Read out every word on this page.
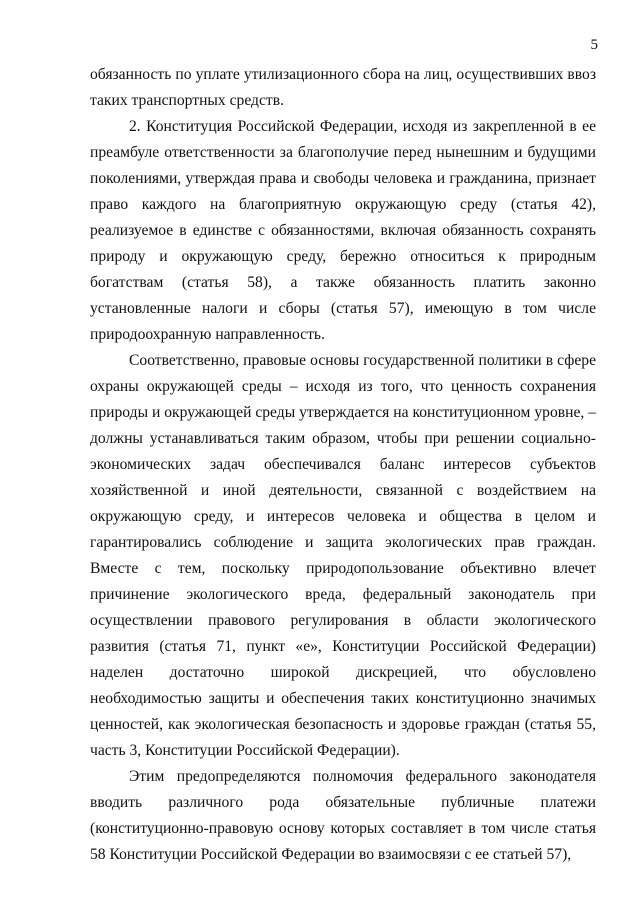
5

обязанность по уплате утилизационного сбора на лиц, осуществивших ввоз таких транспортных средств.

2. Конституция Российской Федерации, исходя из закрепленной в ее преамбуле ответственности за благополучие перед нынешним и будущими поколениями, утверждая права и свободы человека и гражданина, признает право каждого на благоприятную окружающую среду (статья 42), реализуемое в единстве с обязанностями, включая обязанность сохранять природу и окружающую среду, бережно относиться к природным богатствам (статья 58), а также обязанность платить законно установленные налоги и сборы (статья 57), имеющую в том числе природоохранную направленность.

Соответственно, правовые основы государственной политики в сфере охраны окружающей среды – исходя из того, что ценность сохранения природы и окружающей среды утверждается на конституционном уровне, – должны устанавливаться таким образом, чтобы при решении социально-экономических задач обеспечивался баланс интересов субъектов хозяйственной и иной деятельности, связанной с воздействием на окружающую среду, и интересов человека и общества в целом и гарантировались соблюдение и защита экологических прав граждан. Вместе с тем, поскольку природопользование объективно влечет причинение экологического вреда, федеральный законодатель при осуществлении правового регулирования в области экологического развития (статья 71, пункт «е», Конституции Российской Федерации) наделен достаточно широкой дискрецией, что обусловлено необходимостью защиты и обеспечения таких конституционно значимых ценностей, как экологическая безопасность и здоровье граждан (статья 55, часть 3, Конституции Российской Федерации).

Этим предопределяются полномочия федерального законодателя вводить различного рода обязательные публичные платежи (конституционно-правовую основу которых составляет в том числе статья 58 Конституции Российской Федерации во взаимосвязи с ее статьей 57),
